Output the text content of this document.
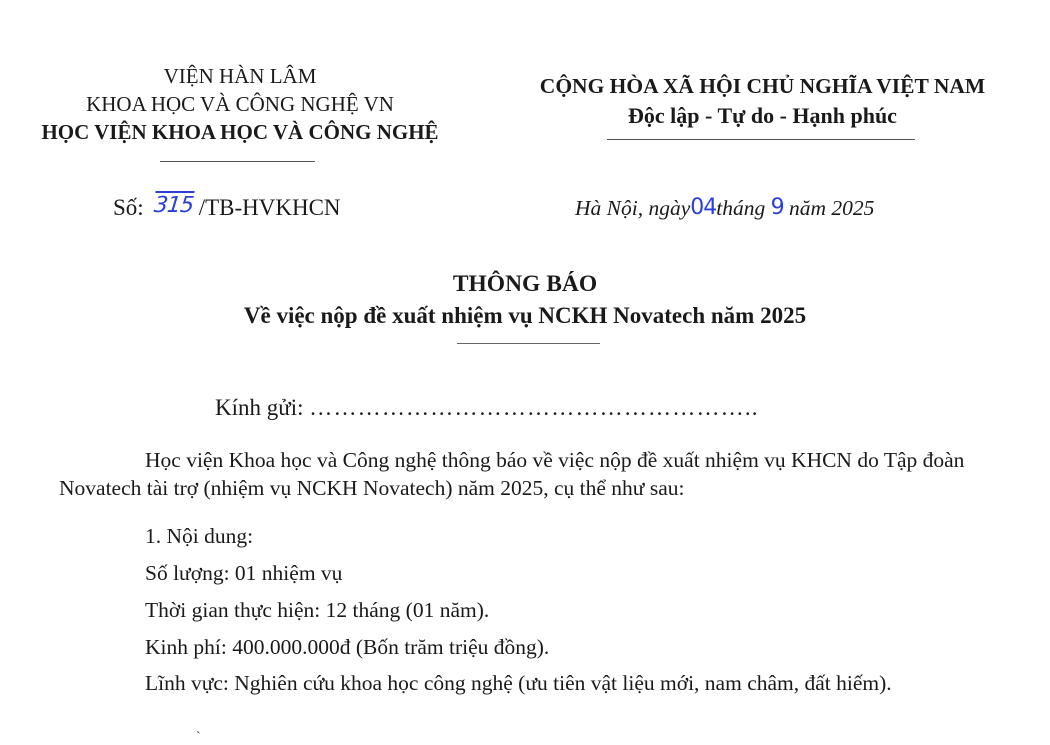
VIỆN HÀN LÂM
KHOA HỌC VÀ CÔNG NGHỆ VN
HỌC VIỆN KHOA HỌC VÀ CÔNG NGHỆ
CỘNG HÒA XÃ HỘI CHỦ NGHĨA VIỆT NAM
Độc lập - Tự do - Hạnh phúc
Số: 315 /TB-HVKHCN	Hà Nội, ngày04tháng 9 năm 2025
THÔNG BÁO
Về việc nộp đề xuất nhiệm vụ NCKH Novatech năm 2025
Kính gửi: ………………………………………………..
Học viện Khoa học và Công nghệ thông báo về việc nộp đề xuất nhiệm vụ KHCN do Tập đoàn Novatech tài trợ (nhiệm vụ NCKH Novatech) năm 2025, cụ thể như sau:
1. Nội dung:
Số lượng: 01 nhiệm vụ
Thời gian thực hiện: 12 tháng (01 năm).
Kinh phí: 400.000.000đ (Bốn trăm triệu đồng).
Lĩnh vực: Nghiên cứu khoa học công nghệ (ưu tiên vật liệu mới, nam châm, đất hiếm).
`
